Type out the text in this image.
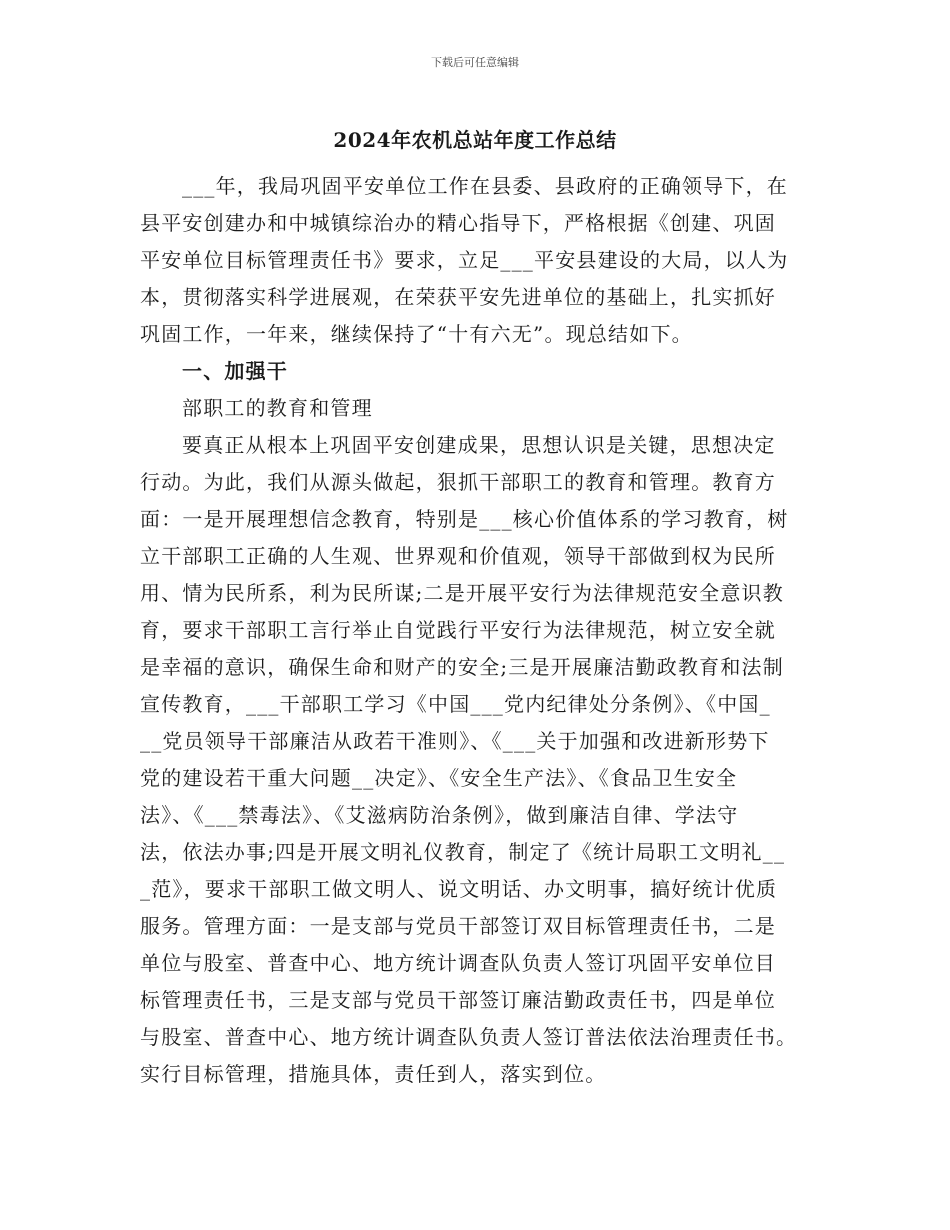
下载后可任意编辑
2024年农机总站年度工作总结
___年，我局巩固平安单位工作在县委、县政府的正确领导下，在
县平安创建办和中城镇综治办的精心指导下，严格根据《创建、巩固
平安单位目标管理责任书》要求，立足___平安县建设的大局，以人为
本，贯彻落实科学进展观，在荣获平安先进单位的基础上，扎实抓好
巩固工作，一年来，继续保持了“十有六无”。现总结如下。
一、加强干
部职工的教育和管理
要真正从根本上巩固平安创建成果，思想认识是关键，思想决定
行动。为此，我们从源头做起，狠抓干部职工的教育和管理。教育方
面：一是开展理想信念教育，特别是___核心价值体系的学习教育，树
立干部职工正确的人生观、世界观和价值观，领导干部做到权为民所
用、情为民所系，利为民所谋;二是开展平安行为法律规范安全意识教
育，要求干部职工言行举止自觉践行平安行为法律规范，树立安全就
是幸福的意识，确保生命和财产的安全;三是开展廉洁勤政教育和法制
宣传教育，___干部职工学习《中国___党内纪律处分条例》、《中国_
__党员领导干部廉洁从政若干准则》、《___关于加强和改进新形势下
党的建设若干重大问题__决定》、《安全生产法》、《食品卫生安全
法》、《___禁毒法》、《艾滋病防治条例》，做到廉洁自律、学法守
法，依法办事;四是开展文明礼仪教育，制定了《统计局职工文明礼__
_范》，要求干部职工做文明人、说文明话、办文明事，搞好统计优质
服务。管理方面：一是支部与党员干部签订双目标管理责任书，二是
单位与股室、普查中心、地方统计调查队负责人签订巩固平安单位目
标管理责任书，三是支部与党员干部签订廉洁勤政责任书，四是单位
与股室、普查中心、地方统计调查队负责人签订普法依法治理责任书。
实行目标管理，措施具体，责任到人，落实到位。
